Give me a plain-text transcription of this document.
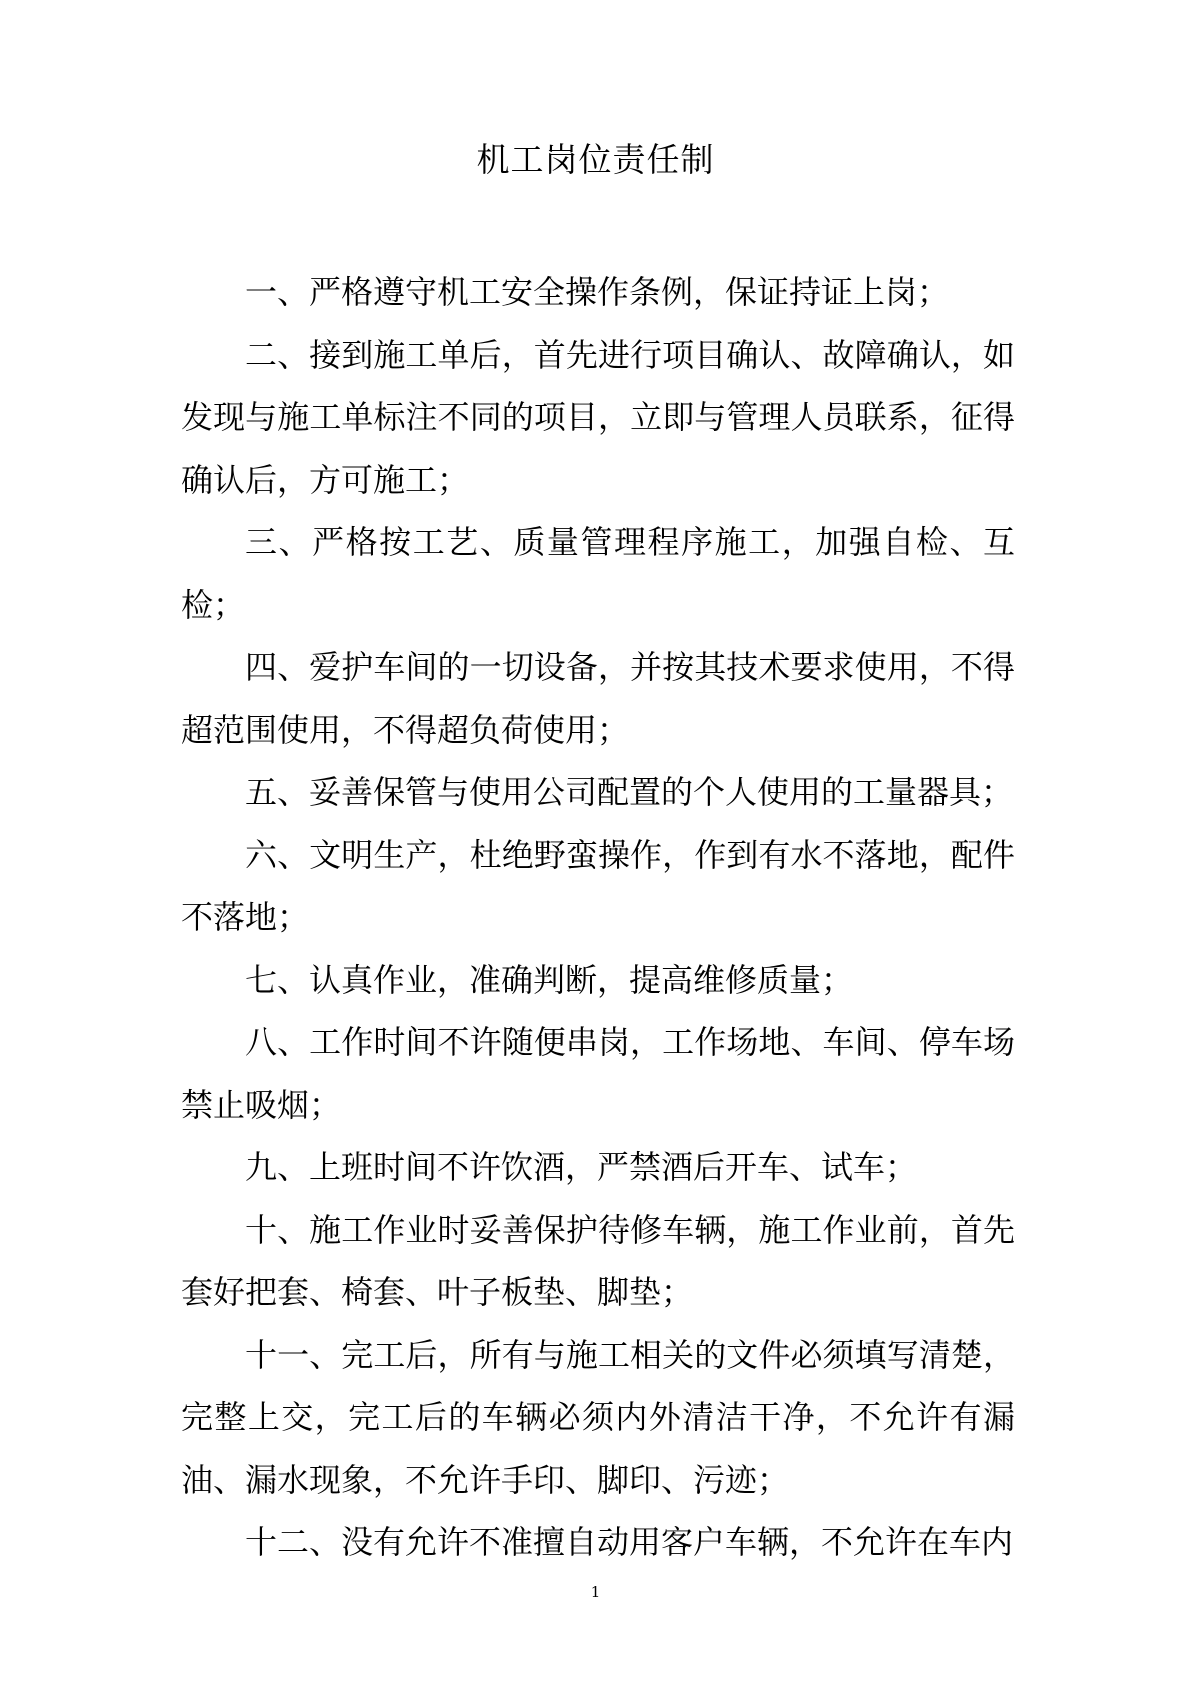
机工岗位责任制

一、严格遵守机工安全操作条例，保证持证上岗；

二、接到施工单后，首先进行项目确认、故障确认，如发现与施工单标注不同的项目，立即与管理人员联系，征得确认后，方可施工；

三、严格按工艺、质量管理程序施工，加强自检、互检；

四、爱护车间的一切设备，并按其技术要求使用，不得超范围使用，不得超负荷使用；

五、妥善保管与使用公司配置的个人使用的工量器具；

六、文明生产，杜绝野蛮操作，作到有水不落地，配件不落地；

七、认真作业，准确判断，提高维修质量；

八、工作时间不许随便串岗，工作场地、车间、停车场禁止吸烟；

九、上班时间不许饮酒，严禁酒后开车、试车；

十、施工作业时妥善保护待修车辆，施工作业前，首先套好把套、椅套、叶子板垫、脚垫；

十一、完工后，所有与施工相关的文件必须填写清楚，完整上交，完工后的车辆必须内外清洁干净，不允许有漏油、漏水现象，不允许手印、脚印、污迹；

十二、没有允许不准擅自动用客户车辆，不允许在车内

1
